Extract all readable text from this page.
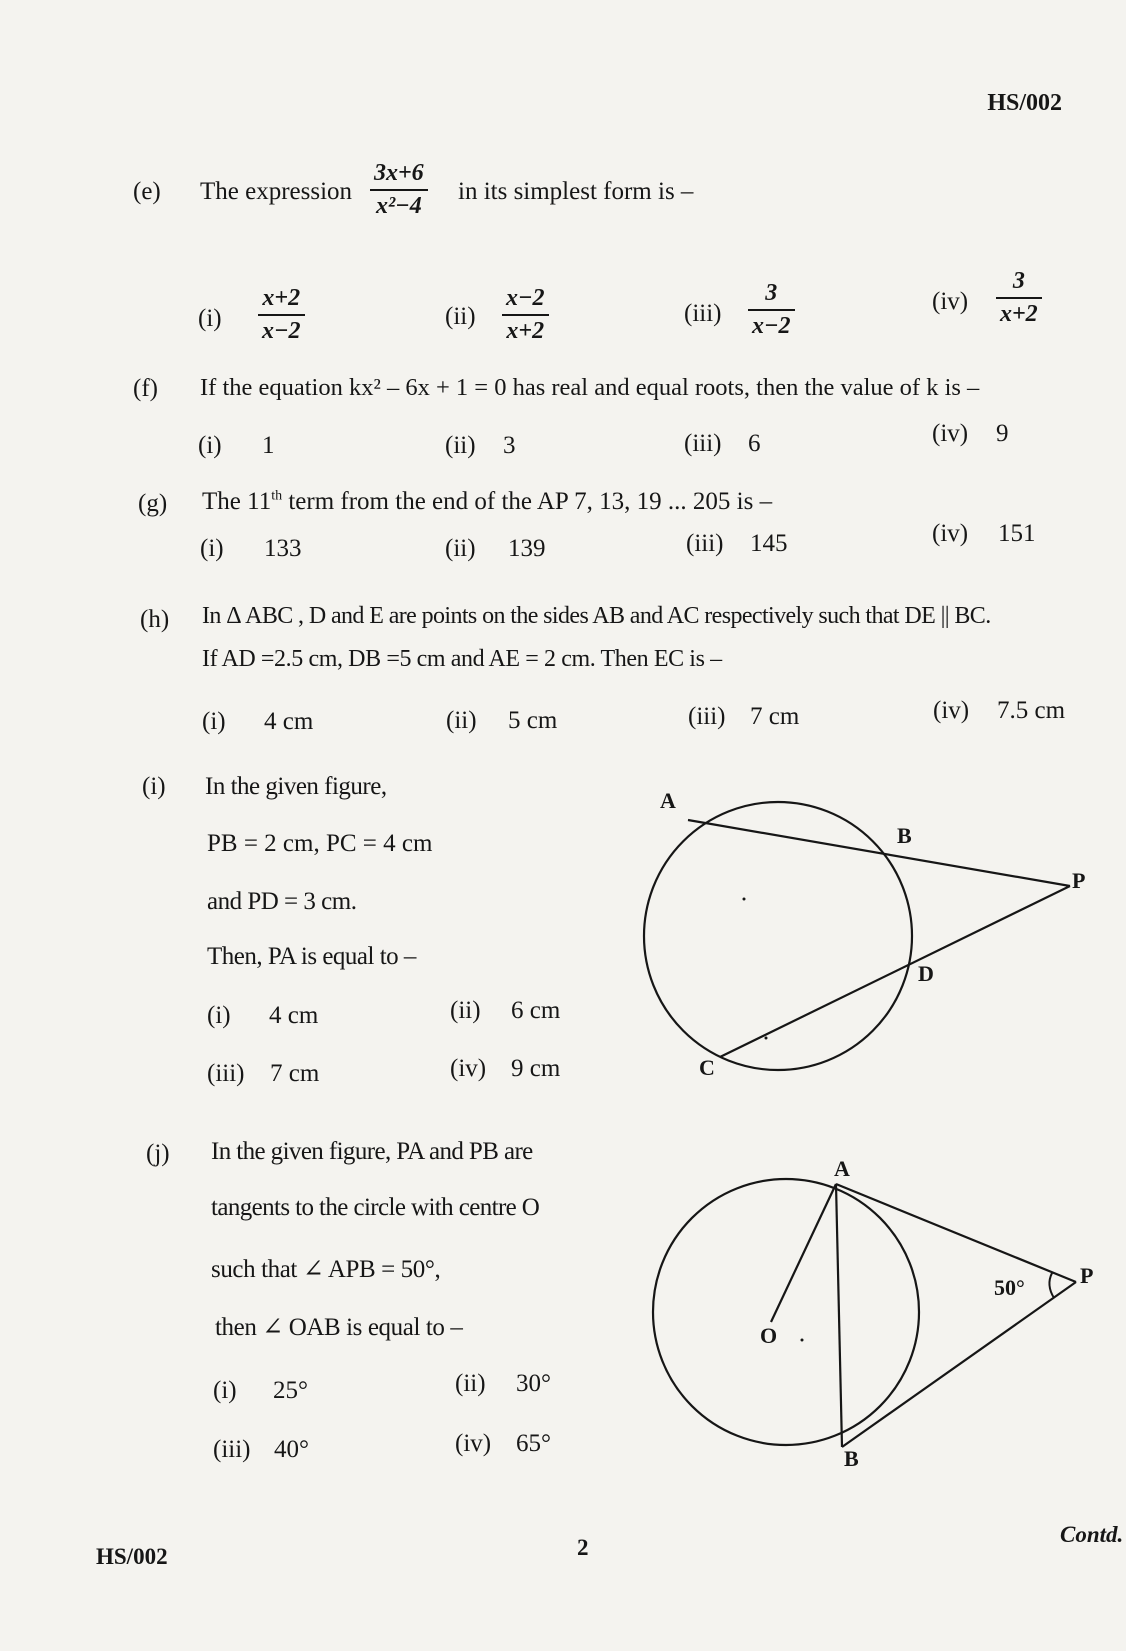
HS/002
(e) The expression $\frac{3x+6}{\text{x²−4}}$ in its simplest form is –
$(i) \frac{x+2}{x-2}$	$(ii) \frac{x-2}{x+2}$	$(iii) \frac{3}{x-2}$	$(iv) \frac{3}{x+2}$
(f) If the equation kx² – 6x + 1 = 0 has real and equal roots, then the value of k is –
(i) 1	(ii) 3	(iii) 6	(iv) 9
(g) The 11th term from the end of the AP 7, 13, 19 ... 205 is –
(i) 133	(ii) 139	(iii) 145	(iv) 151
(h) In Δ ABC , D and E are points on the sides AB and AC respectively such that DE || BC.
If AD =2.5 cm, DB =5 cm and AE = 2 cm. Then EC is –
(i) 4 cm	(ii) 5 cm	(iii) 7 cm	(iv) 7.5 cm
(i) In the given figure,
PB = 2 cm, PC = 4 cm
and PD = 3 cm.
Then, PA is equal to –
(i) 4 cm	(ii) 6 cm
(iii) 7 cm	(iv) 9 cm
A
B
P
D
C
(j) In the given figure, PA and PB are
tangents to the circle with centre O
such that ∠ APB = 50°,
then ∠ OAB is equal to –
(i) 25°	(ii) 30°
(iii) 40°	(iv) 65°
A
O
P
B
50°
HS/002	2
Contd.
